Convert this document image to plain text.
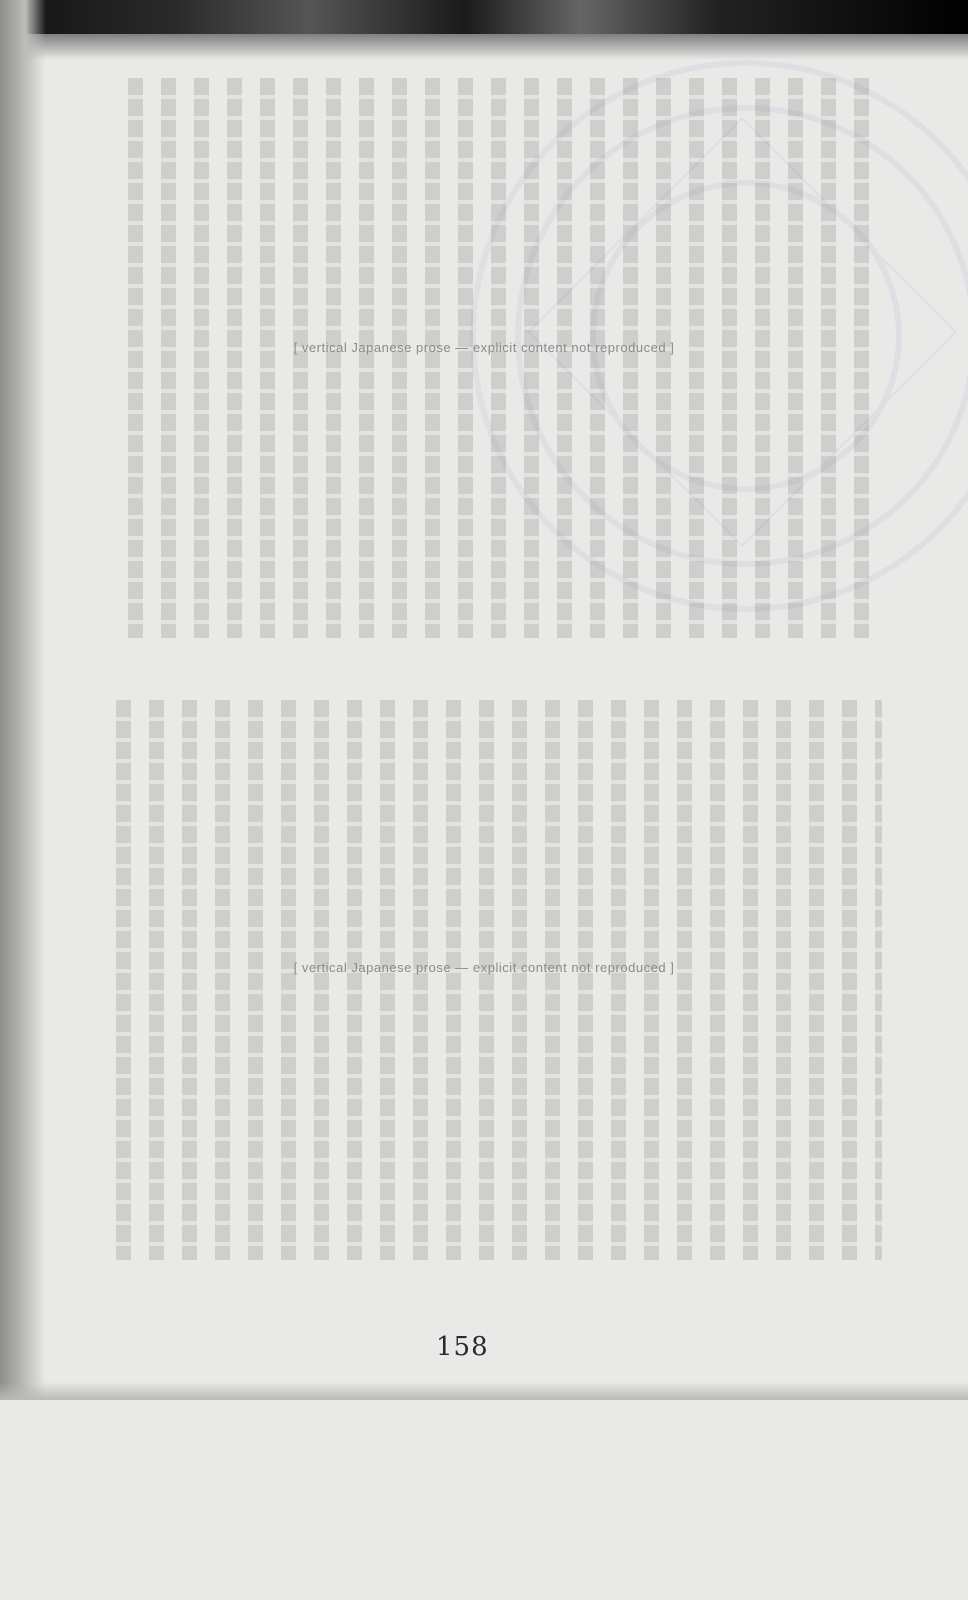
[ vertical Japanese prose — explicit content not reproduced ]
[ vertical Japanese prose — explicit content not reproduced ]
158
